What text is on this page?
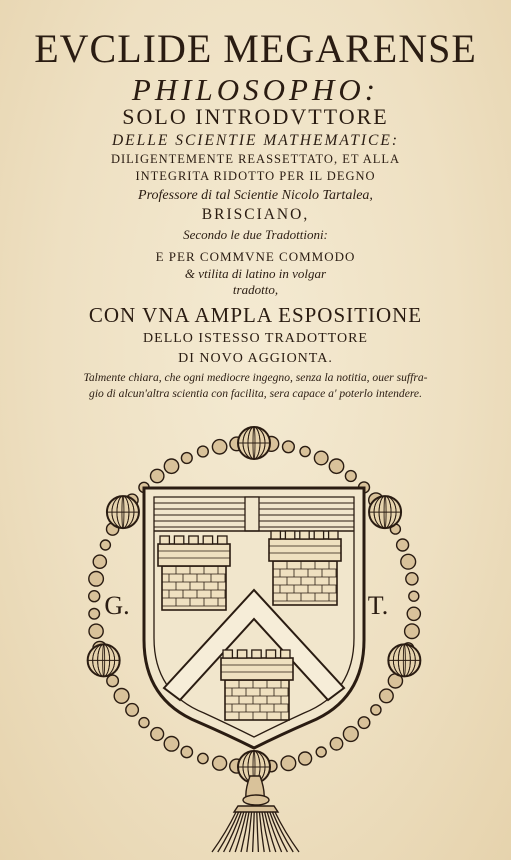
EVCLIDE MEGARENSE
PHILOSOPHO:
SOLO INTRODVTTORE
DELLE SCIENTIE MATHEMATICE:
DILIGENTEMENTE REASSETTATO, ET ALLA
INTEGRITA RIDOTTO PER IL DEGNO
Professore di tal Scientie Nicolo Tartalea,
BRISCIANO,
Secondo le due Tradottioni:
E PER COMMVNE COMMODO
& vtilita di latino in volgar
tradotto,
CON VNA AMPLA ESPOSITIONE
DELLO ISTESSO TRADOTTORE
DI NOVO AGGIONTA.
Talmente chiara, che ogni mediocre ingegno, senza la notitia, ouer suffra-
gio di alcun'altra scientia con facilita, sera capace a' poterlo intendere.
G.	T.
